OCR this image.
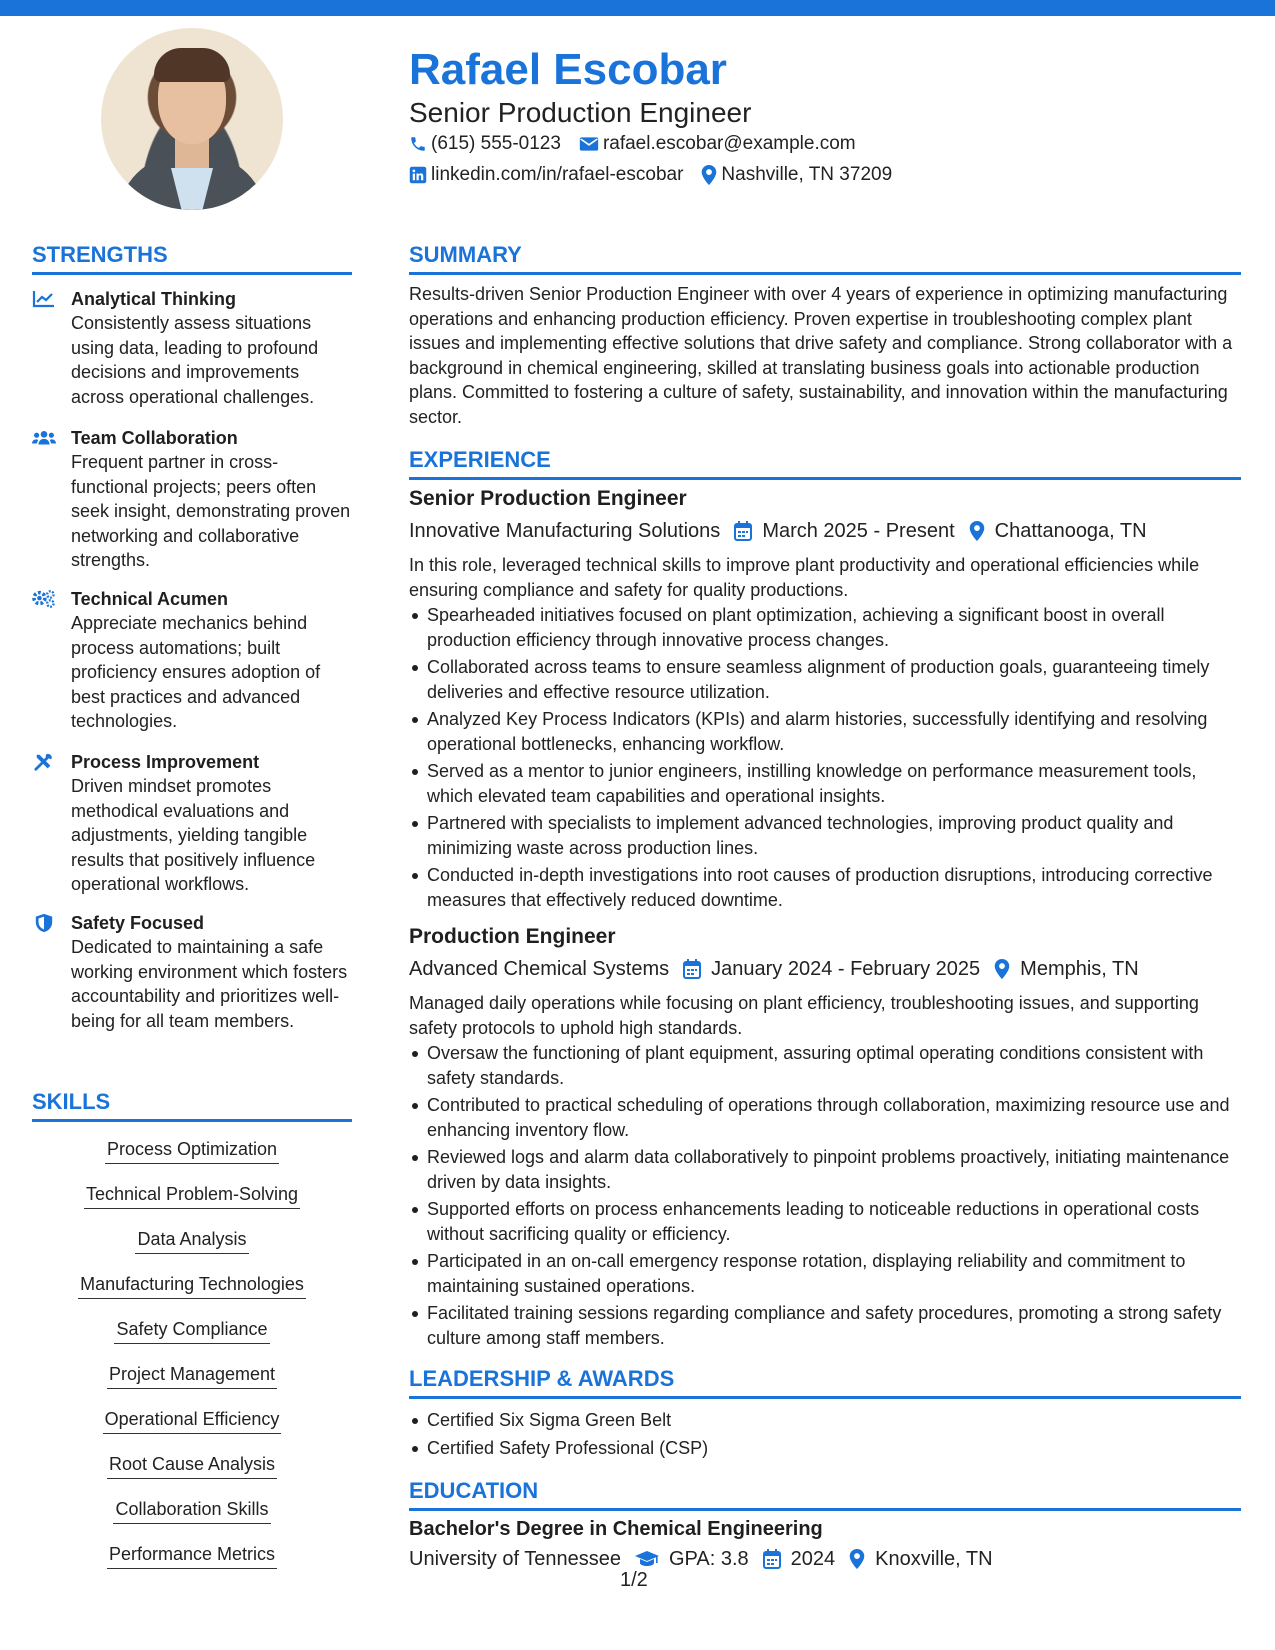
Rafael Escobar
Senior Production Engineer
(615) 555-0123 rafael.escobar@example.com
linkedin.com/in/rafael-escobar Nashville, TN 37209
STRENGTHS
Analytical Thinking
Consistently assess situations using data, leading to profound decisions and improvements across operational challenges.
Team Collaboration
Frequent partner in cross-functional projects; peers often seek insight, demonstrating proven networking and collaborative strengths.
Technical Acumen
Appreciate mechanics behind process automations; built proficiency ensures adoption of best practices and advanced technologies.
Process Improvement
Driven mindset promotes methodical evaluations and adjustments, yielding tangible results that positively influence operational workflows.
Safety Focused
Dedicated to maintaining a safe working environment which fosters accountability and prioritizes well-being for all team members.
SKILLS
Process Optimization
Technical Problem-Solving
Data Analysis
Manufacturing Technologies
Safety Compliance
Project Management
Operational Efficiency
Root Cause Analysis
Collaboration Skills
Performance Metrics
SUMMARY
Results-driven Senior Production Engineer with over 4 years of experience in optimizing manufacturing operations and enhancing production efficiency. Proven expertise in troubleshooting complex plant issues and implementing effective solutions that drive safety and compliance. Strong collaborator with a background in chemical engineering, skilled at translating business goals into actionable production plans. Committed to fostering a culture of safety, sustainability, and innovation within the manufacturing sector.
EXPERIENCE
Senior Production Engineer
Innovative Manufacturing Solutions March 2025 - Present Chattanooga, TN
In this role, leveraged technical skills to improve plant productivity and operational efficiencies while ensuring compliance and safety for quality productions.
Spearheaded initiatives focused on plant optimization, achieving a significant boost in overall production efficiency through innovative process changes.
Collaborated across teams to ensure seamless alignment of production goals, guaranteeing timely deliveries and effective resource utilization.
Analyzed Key Process Indicators (KPIs) and alarm histories, successfully identifying and resolving operational bottlenecks, enhancing workflow.
Served as a mentor to junior engineers, instilling knowledge on performance measurement tools, which elevated team capabilities and operational insights.
Partnered with specialists to implement advanced technologies, improving product quality and minimizing waste across production lines.
Conducted in-depth investigations into root causes of production disruptions, introducing corrective measures that effectively reduced downtime.
Production Engineer
Advanced Chemical Systems January 2024 - February 2025 Memphis, TN
Managed daily operations while focusing on plant efficiency, troubleshooting issues, and supporting safety protocols to uphold high standards.
Oversaw the functioning of plant equipment, assuring optimal operating conditions consistent with safety standards.
Contributed to practical scheduling of operations through collaboration, maximizing resource use and enhancing inventory flow.
Reviewed logs and alarm data collaboratively to pinpoint problems proactively, initiating maintenance driven by data insights.
Supported efforts on process enhancements leading to noticeable reductions in operational costs without sacrificing quality or efficiency.
Participated in an on-call emergency response rotation, displaying reliability and commitment to maintaining sustained operations.
Facilitated training sessions regarding compliance and safety procedures, promoting a strong safety culture among staff members.
LEADERSHIP & AWARDS
Certified Six Sigma Green Belt
Certified Safety Professional (CSP)
EDUCATION
Bachelor's Degree in Chemical Engineering
University of Tennessee GPA: 3.8 2024 Knoxville, TN
1/2
